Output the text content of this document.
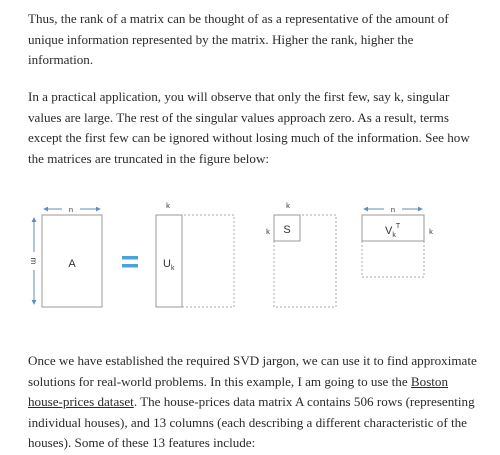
Thus, the rank of a matrix can be thought of as a representative of the amount of unique information represented by the matrix. Higher the rank, higher the information.

In a practical application, you will observe that only the first few, say k, singular values are large. The rest of the singular values approach zero. As a result, terms except the first few can be ignored without losing much of the information. See how the matrices are truncated in the figure below:

n
m	A
k
$U_k$
k
k S
n
$V_k^T$
k

Once we have established the required SVD jargon, we can use it to find approximate solutions for real-world problems. In this example, I am going to use the Boston house-prices dataset. The house-prices data matrix A contains 506 rows (representing individual houses), and 13 columns (each describing a different characteristic of the houses). Some of these 13 features include:
